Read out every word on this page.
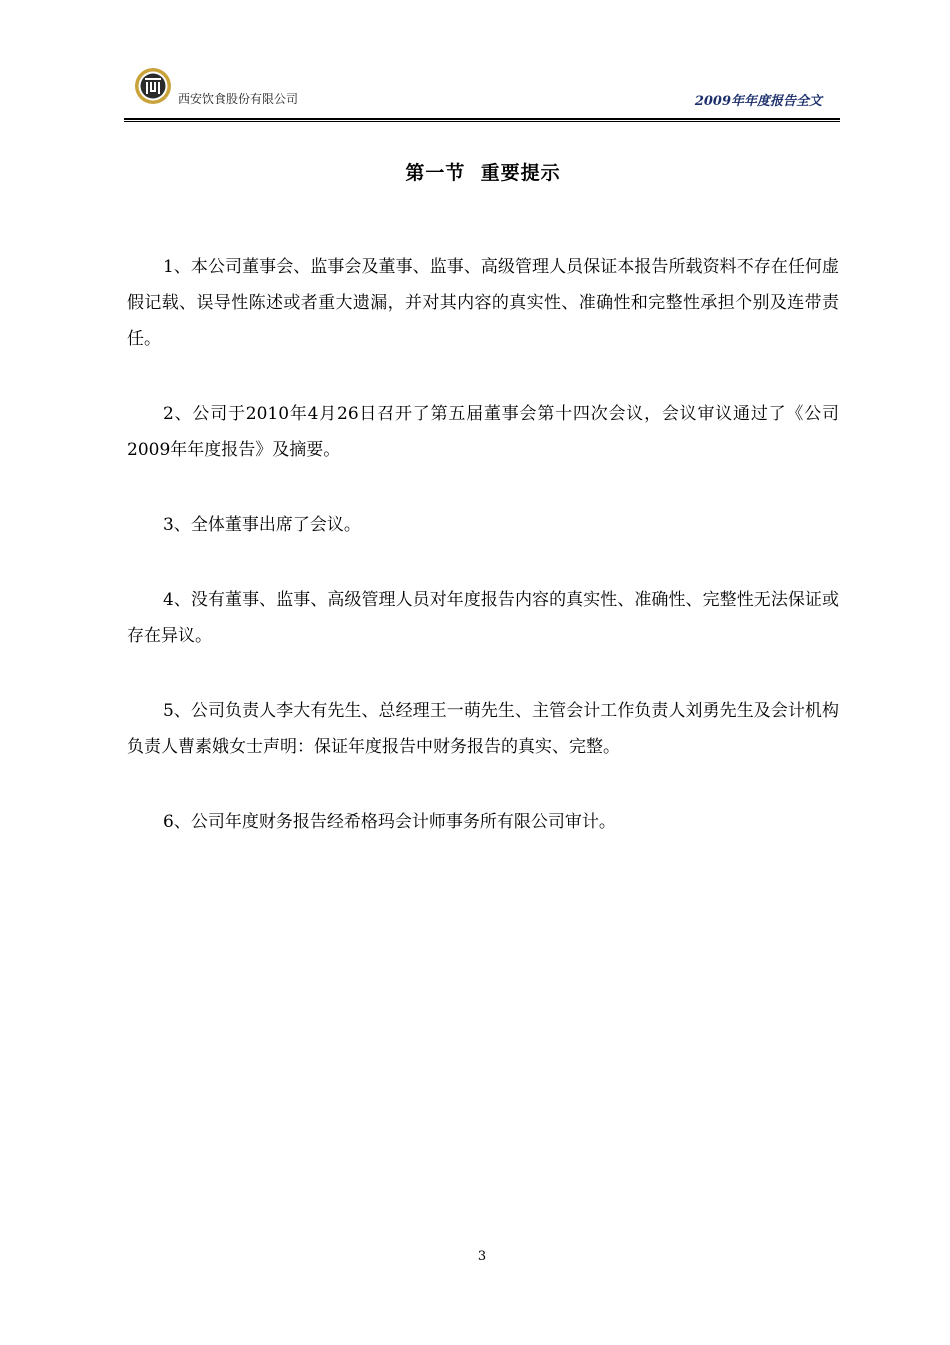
西安饮食股份有限公司	2009年年度报告全文
第一节  重要提示

1、本公司董事会、监事会及董事、监事、高级管理人员保证本报告所载资料不存在任何虚假记载、误导性陈述或者重大遗漏，并对其内容的真实性、准确性和完整性承担个别及连带责任。

2、公司于2010年4月26日召开了第五届董事会第十四次会议，会议审议通过了《公司2009年年度报告》及摘要。

3、全体董事出席了会议。

4、没有董事、监事、高级管理人员对年度报告内容的真实性、准确性、完整性无法保证或存在异议。

5、公司负责人李大有先生、总经理王一萌先生、主管会计工作负责人刘勇先生及会计机构负责人曹素娥女士声明：保证年度报告中财务报告的真实、完整。

6、公司年度财务报告经希格玛会计师事务所有限公司审计。

3
